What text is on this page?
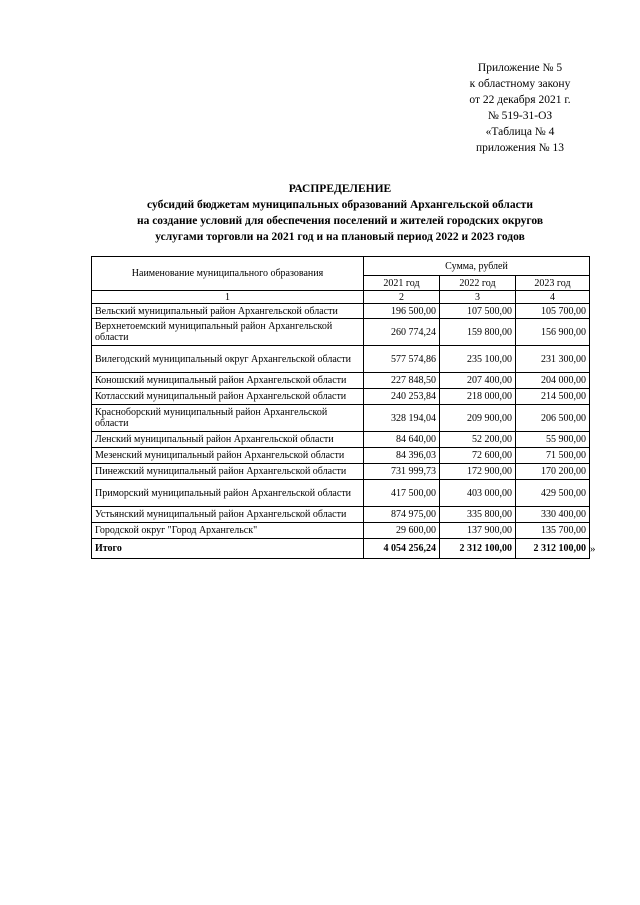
Приложение № 5
к областному закону
от 22 декабря 2021 г.
№ 519-31-ОЗ
«Таблица № 4
приложения № 13
РАСПРЕДЕЛЕНИЕ
субсидий бюджетам муниципальных образований Архангельской области
на создание условий для обеспечения поселений и жителей городских округов
услугами торговли на 2021 год и на плановый период 2022 и 2023 годов
Наименование муниципального образования	Сумма, рублей		
	2021 год	2022 год	2023 год
1	2	3	4
Вельский муниципальный район Архангельской области	196 500,00	107 500,00	105 700,00
Верхнетоемский муниципальный район Архангельской области	260 774,24	159 800,00	156 900,00
Вилегодский муниципальный округ Архангельской области	577 574,86	235 100,00	231 300,00
Коношский муниципальный район Архангельской области	227 848,50	207 400,00	204 000,00
Котласский муниципальный район Архангельской области	240 253,84	218 000,00	214 500,00
Красноборский муниципальный район Архангельской области	328 194,04	209 900,00	206 500,00
Ленский муниципальный район Архангельской области	84 640,00	52 200,00	55 900,00
Мезенский муниципальный район Архангельской области	84 396,03	72 600,00	71 500,00
Пинежский муниципальный район Архангельской области	731 999,73	172 900,00	170 200,00
Приморский муниципальный район Архангельской области	417 500,00	403 000,00	429 500,00
Устьянский муниципальный район Архангельской области	874 975,00	335 800,00	330 400,00
Городской округ "Город Архангельск"	29 600,00	137 900,00	135 700,00
Итого	4 054 256,24	2 312 100,00	2 312 100,00 »
